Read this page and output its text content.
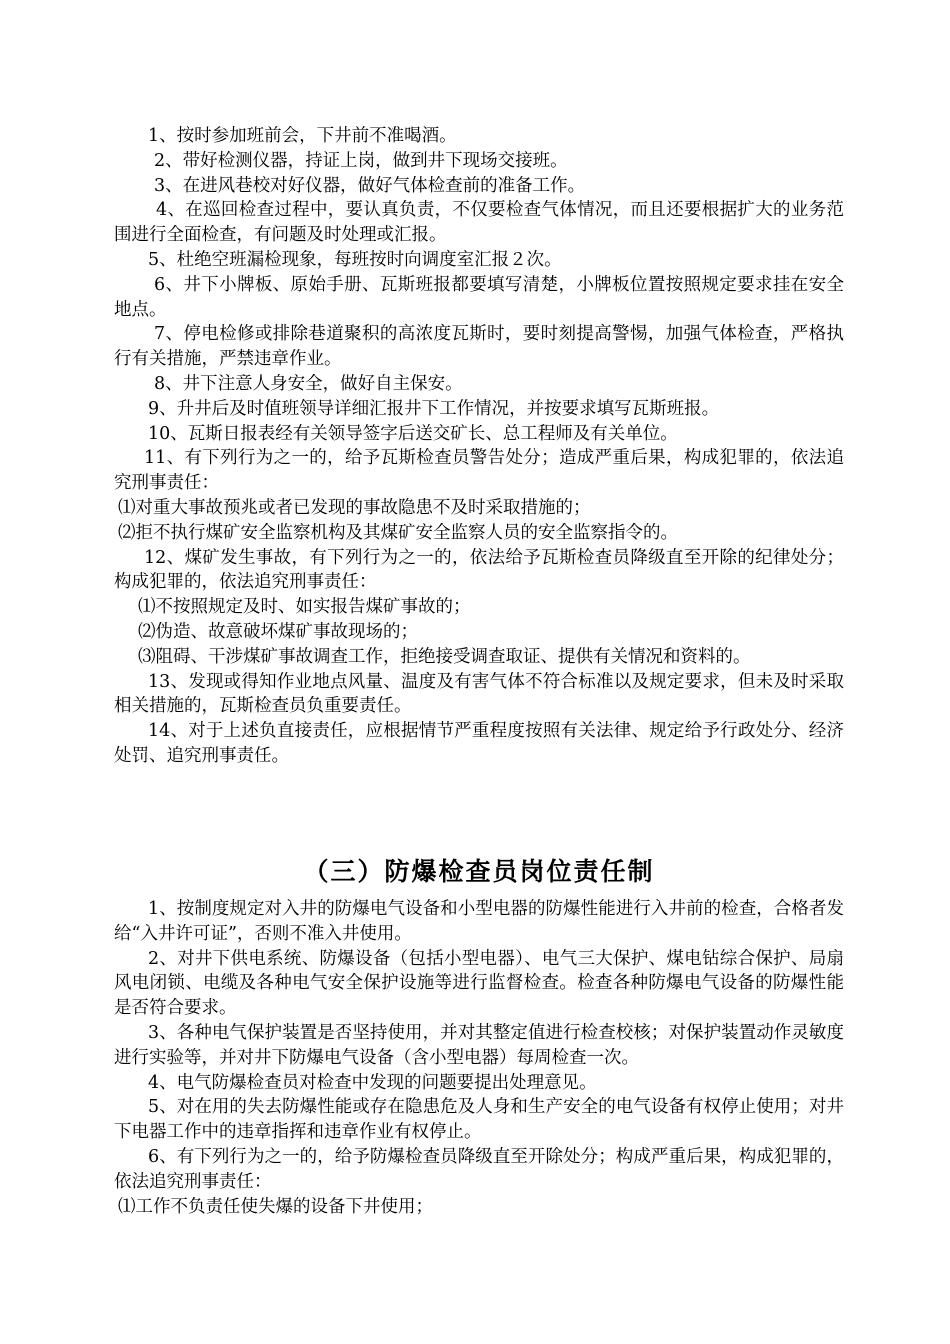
1、按时参加班前会，下井前不准喝酒。

2、带好检测仪器，持证上岗，做到井下现场交接班。

3、在进风巷校对好仪器，做好气体检查前的准备工作。

4、在巡回检查过程中，要认真负责，不仅要检查气体情况，而且还要根据扩大的业务范围进行全面检查，有问题及时处理或汇报。

5、杜绝空班漏检现象，每班按时向调度室汇报２次。

6、井下小牌板、原始手册、瓦斯班报都要填写清楚，小牌板位置按照规定要求挂在安全地点。

7、停电检修或排除巷道聚积的高浓度瓦斯时，要时刻提高警惕，加强气体检查，严格执行有关措施，严禁违章作业。

8、井下注意人身安全，做好自主保安。

9、升井后及时值班领导详细汇报井下工作情况，并按要求填写瓦斯班报。

10、瓦斯日报表经有关领导签字后送交矿长、总工程师及有关单位。

11、有下列行为之一的，给予瓦斯检查员警告处分；造成严重后果，构成犯罪的，依法追究刑事责任：

⑴对重大事故预兆或者已发现的事故隐患不及时采取措施的；

⑵拒不执行煤矿安全监察机构及其煤矿安全监察人员的安全监察指令的。

12、煤矿发生事故，有下列行为之一的，依法给予瓦斯检查员降级直至开除的纪律处分；构成犯罪的，依法追究刑事责任：

⑴不按照规定及时、如实报告煤矿事故的；

⑵伪造、故意破坏煤矿事故现场的；

⑶阻碍、干涉煤矿事故调查工作，拒绝接受调查取证、提供有关情况和资料的。

13、发现或得知作业地点风量、温度及有害气体不符合标准以及规定要求，但未及时采取相关措施的，瓦斯检查员负重要责任。

14、对于上述负直接责任，应根据情节严重程度按照有关法律、规定给予行政处分、经济处罚、追究刑事责任。

（三）防爆检查员岗位责任制

1、按制度规定对入井的防爆电气设备和小型电器的防爆性能进行入井前的检查，合格者发给“入井许可证”，否则不准入井使用。

2、对井下供电系统、防爆设备（包括小型电器）、电气三大保护、煤电钻综合保护、局扇风电闭锁、电缆及各种电气安全保护设施等进行监督检查。检查各种防爆电气设备的防爆性能是否符合要求。

3、各种电气保护装置是否坚持使用，并对其整定值进行检查校核；对保护装置动作灵敏度进行实验等，并对井下防爆电气设备（含小型电器）每周检查一次。

4、电气防爆检查员对检查中发现的问题要提出处理意见。

5、对在用的失去防爆性能或存在隐患危及人身和生产安全的电气设备有权停止使用；对井下电器工作中的违章指挥和违章作业有权停止。

6、有下列行为之一的，给予防爆检查员降级直至开除处分；构成严重后果，构成犯罪的，依法追究刑事责任：

⑴工作不负责任使失爆的设备下井使用；
